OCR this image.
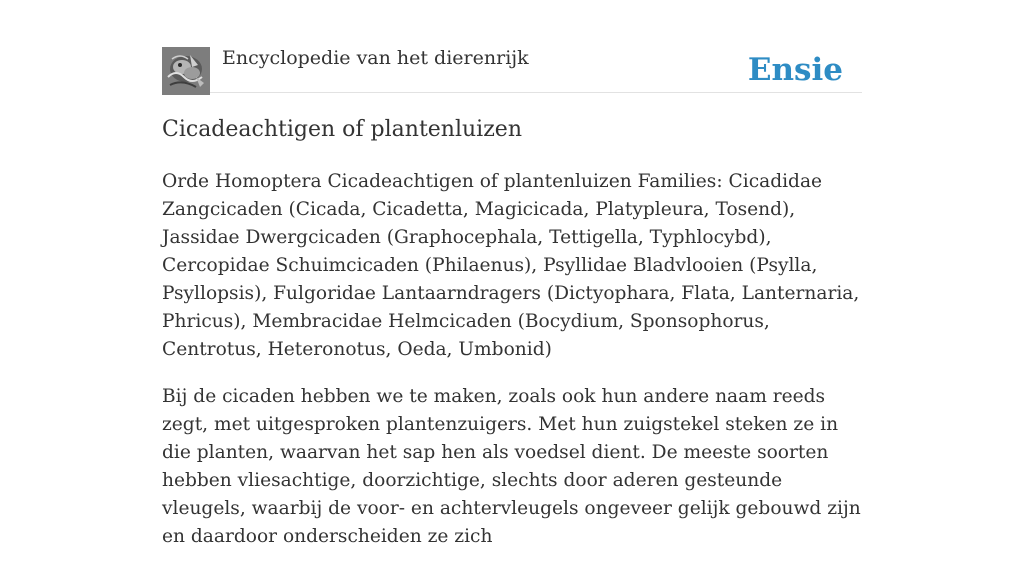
Encyclopedie van het dierenrijk	Ensie
Cicadeachtigen of plantenluizen

Orde Homoptera Cicadeachtigen of plantenluizen Families: Cicadidae Zangcicaden (Cicada, Cicadetta, Magicicada, Platypleura, Tosend), Jassidae Dwergcicaden (Graphocephala, Tettigella, Typhlocybd), Cercopidae Schuimcicaden (Philaenus), Psyllidae Bladvlooien (Psylla, Psyllopsis), Fulgoridae Lantaarndragers (Dictyophara, Flata, Lanternaria, Phricus), Membracidae Helmcicaden (Bocydium, Sponsophorus, Centrotus, Heteronotus, Oeda, Umbonid)

Bij de cicaden hebben we te maken, zoals ook hun andere naam reeds zegt, met uitgesproken plantenzuigers. Met hun zuigstekel steken ze in die planten, waarvan het sap hen als voedsel dient. De meeste soorten hebben vliesachtige, doorzichtige, slechts door aderen gesteunde vleugels, waarbij de voor- en achtervleugels ongeveer gelijk gebouwd zijn en daardoor onderscheiden ze zich
